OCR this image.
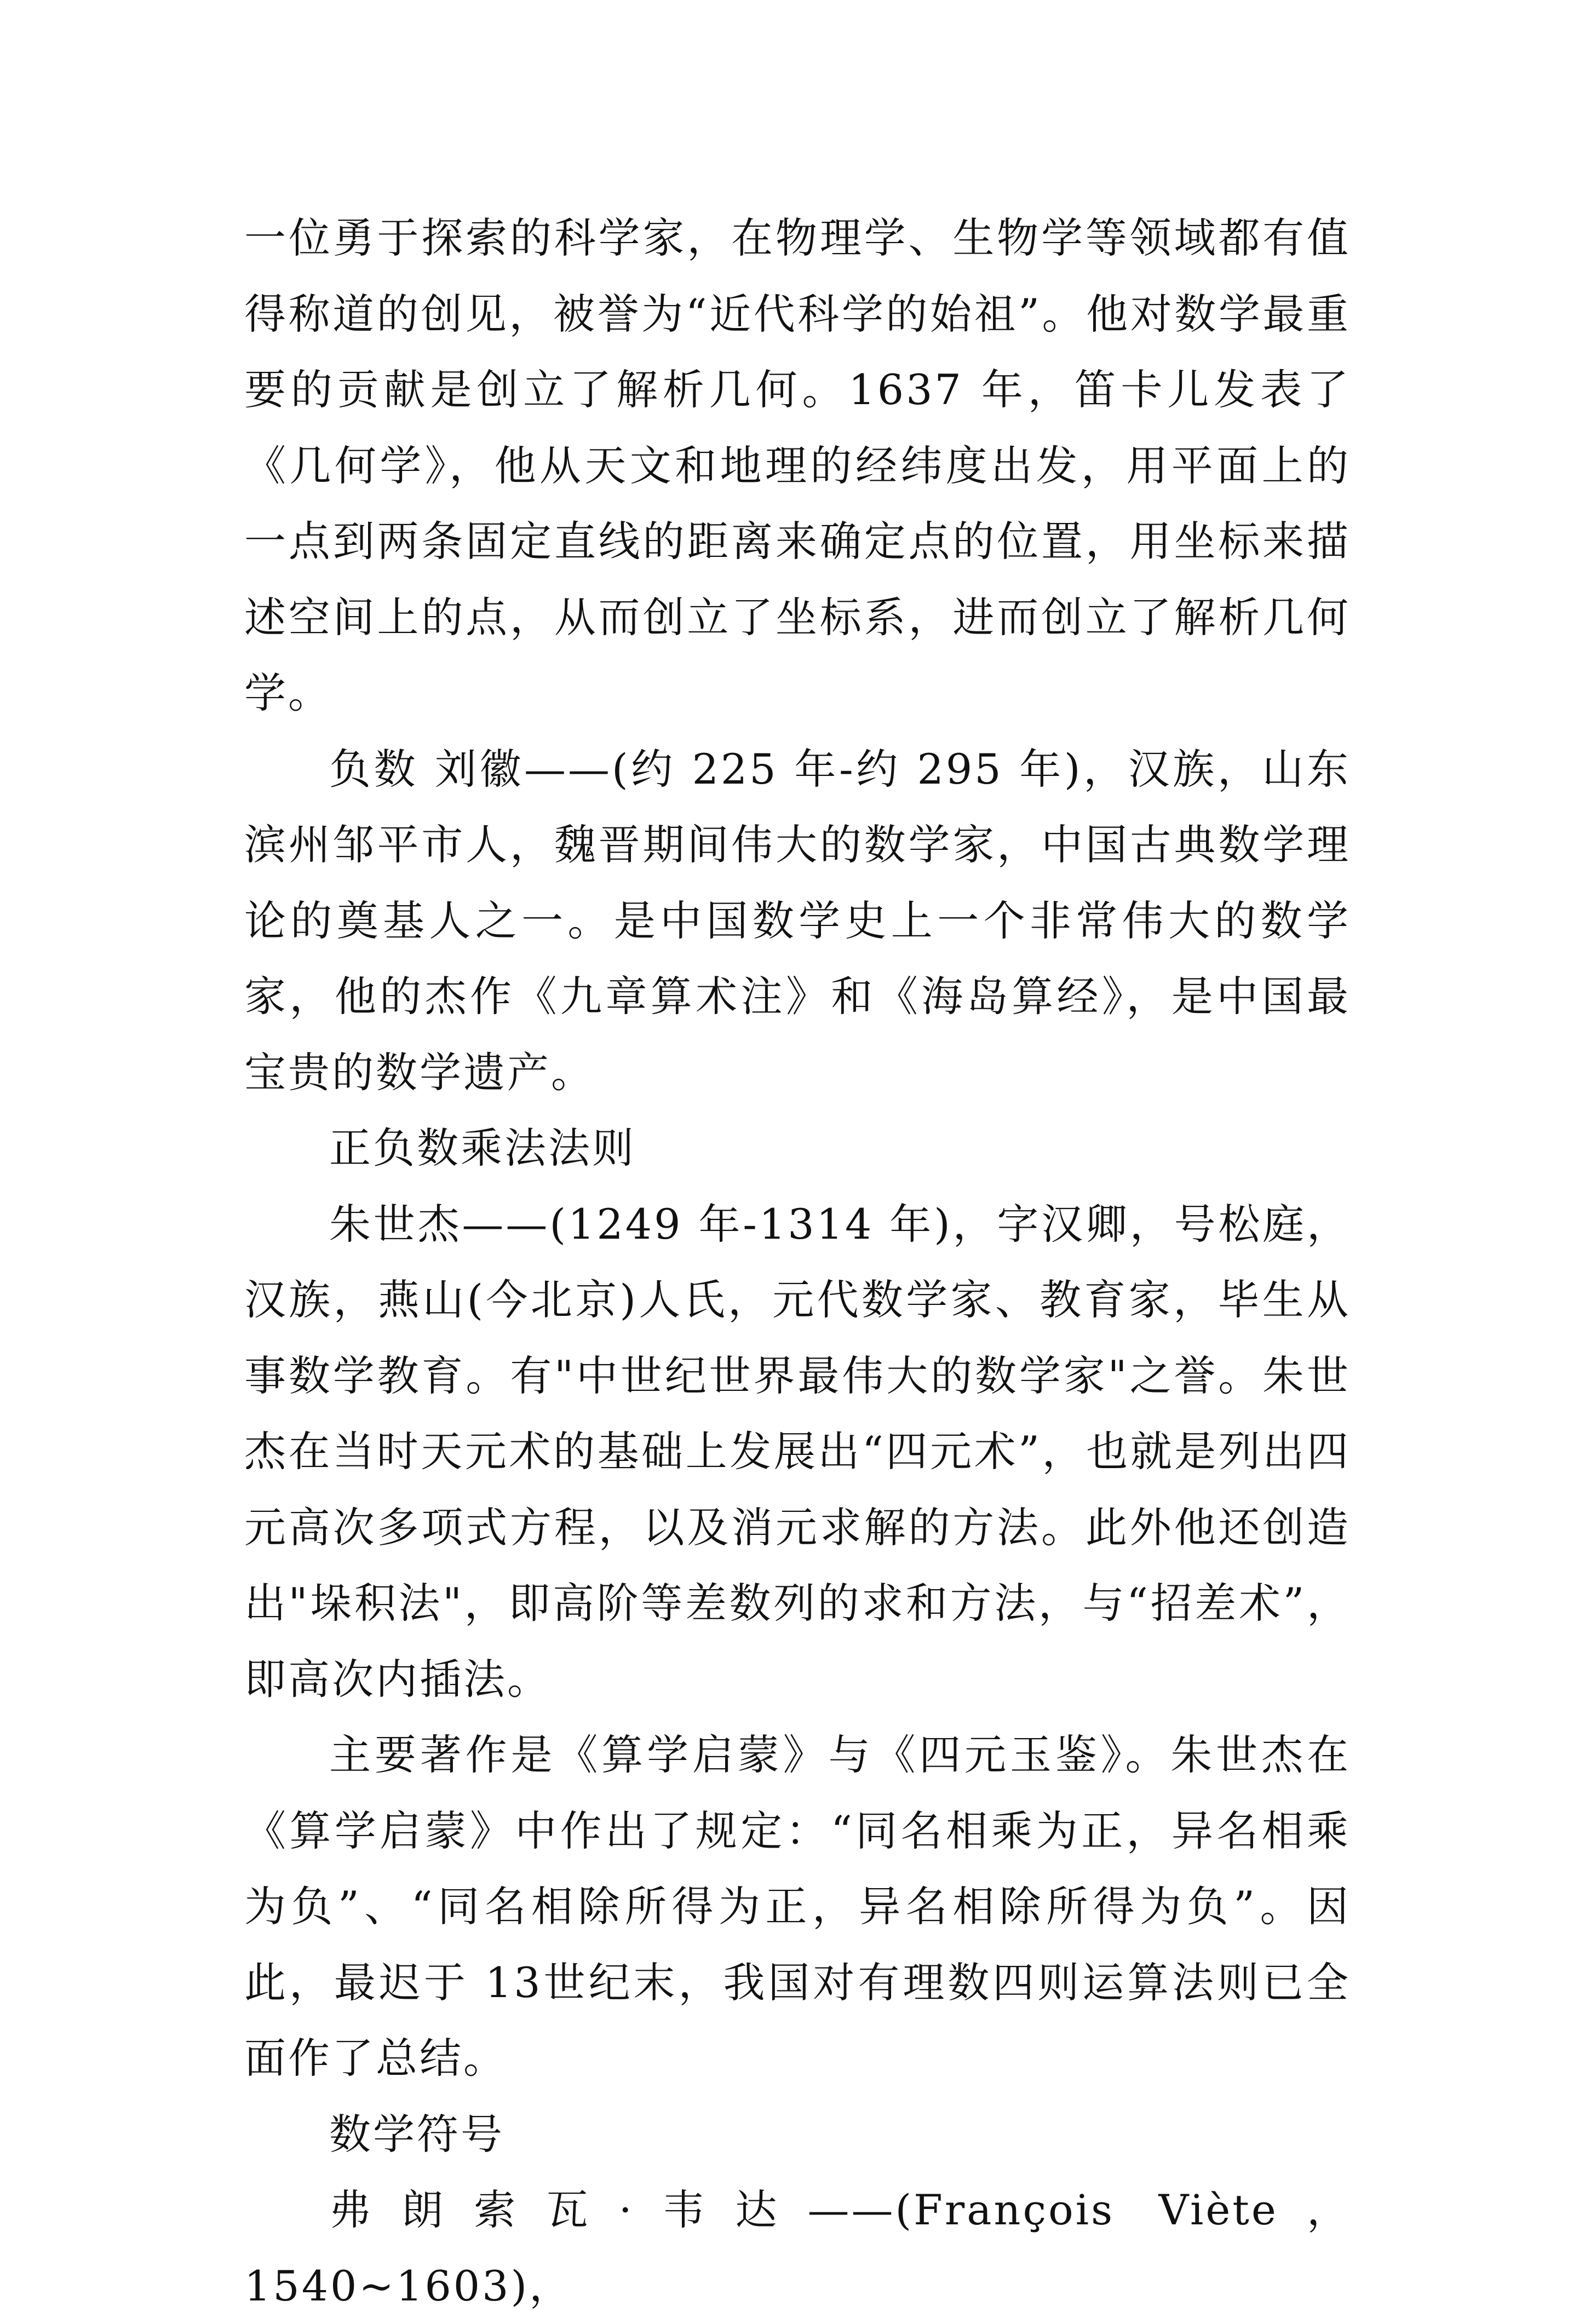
一位勇于探索的科学家，在物理学、生物学等领域都有值得称道的创见，被誉为“近代科学的始祖”。他对数学最重要的贡献是创立了解析几何。1637 年，笛卡儿发表了《几何学》，他从天文和地理的经纬度出发，用平面上的一点到两条固定直线的距离来确定点的位置，用坐标来描述空间上的点，从而创立了坐标系，进而创立了解析几何学。

负数 刘徽——(约 225 年-约 295 年)，汉族，山东滨州邹平市人，魏晋期间伟大的数学家，中国古典数学理论的奠基人之一。是中国数学史上一个非常伟大的数学家，他的杰作《九章算术注》和《海岛算经》，是中国最宝贵的数学遗产。

正负数乘法法则

朱世杰——(1249 年-1314 年)，字汉卿，号松庭，汉族，燕山(今北京)人氏，元代数学家、教育家，毕生从事数学教育。有"中世纪世界最伟大的数学家"之誉。朱世杰在当时天元术的基础上发展出“四元术”，也就是列出四元高次多项式方程，以及消元求解的方法。此外他还创造出"垛积法"，即高阶等差数列的求和方法，与“招差术”，即高次内插法。

主要著作是《算学启蒙》与《四元玉鉴》。朱世杰在《算学启蒙》中作出了规定：“同名相乘为正，异名相乘为负”、“同名相除所得为正，异名相除所得为负”。因此，最迟于 13世纪末，我国对有理数四则运算法则已全面作了总结。

数学符号

弗朗索瓦·韦达——(François Viète，1540~1603)，
